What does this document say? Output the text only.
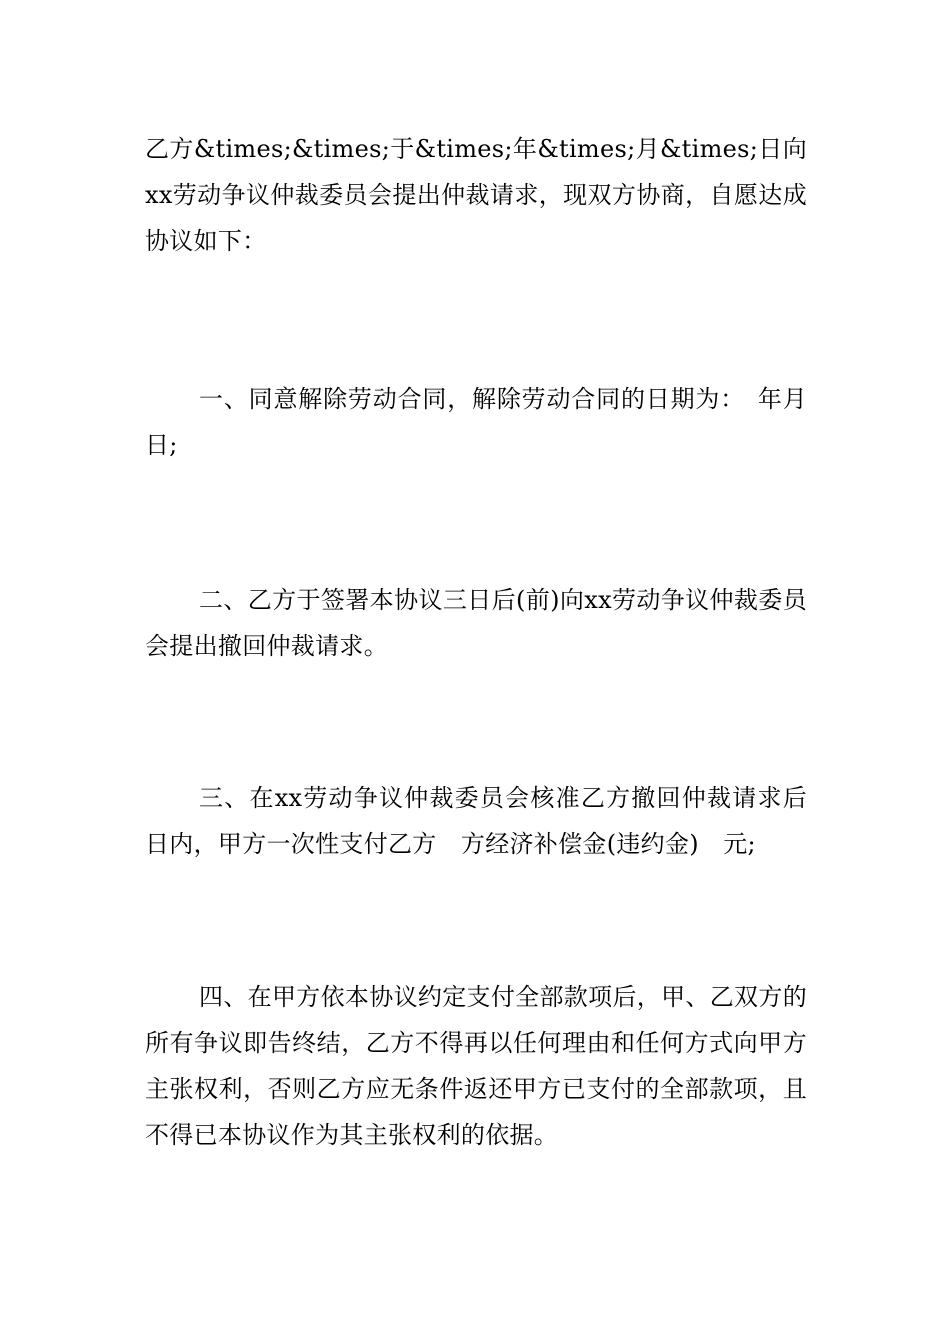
乙方&times;&times;于&times;年&times;月&times;日向xx劳动争议仲裁委员会提出仲裁请求，现双方协商，自愿达成协议如下：

一、同意解除劳动合同，解除劳动合同的日期为：　年月　日;

二、乙方于签署本协议三日后(前)向xx劳动争议仲裁委员会提出撤回仲裁请求。

三、在xx劳动争议仲裁委员会核准乙方撤回仲裁请求后　日内，甲方一次性支付乙方　方经济补偿金(违约金)　元;

四、在甲方依本协议约定支付全部款项后，甲、乙双方的所有争议即告终结，乙方不得再以任何理由和任何方式向甲方主张权利，否则乙方应无条件返还甲方已支付的全部款项，且不得已本协议作为其主张权利的依据。
